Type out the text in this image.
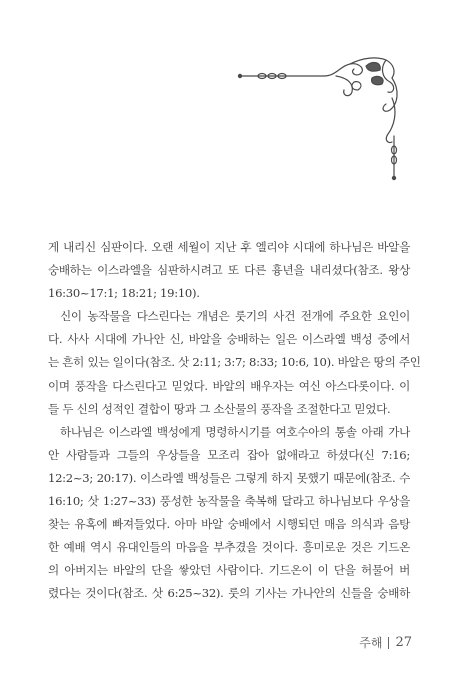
게 내리신 심판이다. 오랜 세월이 지난 후 엘리야 시대에 하나님은 바알을
숭배하는 이스라엘을 심판하시려고 또 다른 흉년을 내리셨다(참조. 왕상
16:30~17:1; 18:21; 19:10).

신이 농작물을 다스린다는 개념은 룻기의 사건 전개에 주요한 요인이
다. 사사 시대에 가나안 신, 바알을 숭배하는 일은 이스라엘 백성 중에서
는 흔히 있는 일이다(참조. 삿 2:11; 3:7; 8:33; 10:6, 10). 바알은 땅의 주인
이며 풍작을 다스린다고 믿었다. 바알의 배우자는 여신 아스다롯이다. 이
들 두 신의 성적인 결합이 땅과 그 소산물의 풍작을 조절한다고 믿었다.

하나님은 이스라엘 백성에게 명령하시기를 여호수아의 통솔 아래 가나
안 사람들과 그들의 우상들을 모조리 잡아 없애라고 하셨다(신 7:16;
12:2~3; 20:17). 이스라엘 백성들은 그렇게 하지 못했기 때문에(참조. 수
16:10; 삿 1:27~33) 풍성한 농작물을 축복해 달라고 하나님보다 우상을
찾는 유혹에 빠져들었다. 아마 바알 숭배에서 시행되던 매음 의식과 음탕
한 예배 역시 유대인들의 마음을 부추겼을 것이다. 흥미로운 것은 기드온
의 아버지는 바알의 단을 쌓았던 사람이다. 기드온이 이 단을 허물어 버
렸다는 것이다(참조. 삿 6:25~32). 룻의 기사는 가나안의 신들을 숭배하

주해 27
